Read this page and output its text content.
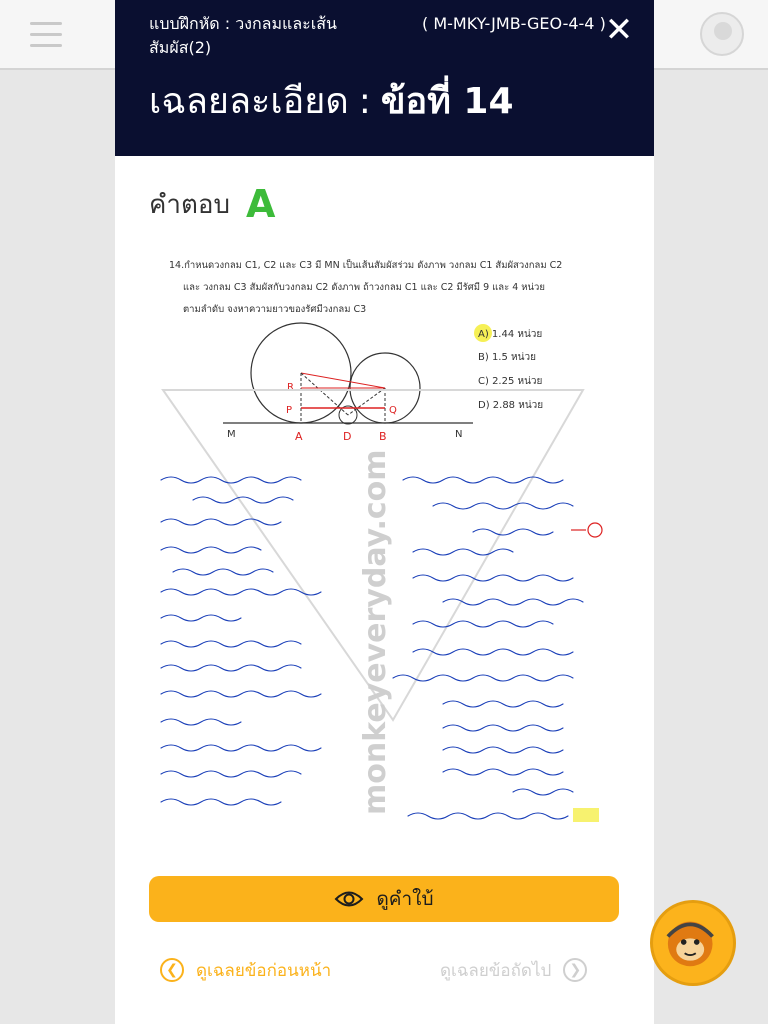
แบบฝึกหัด : วงกลมและเส้นสัมผัส(2)
( M-MKY-JMB-GEO-4-4 )
✕
เฉลยละเอียด : ข้อที่ 14
คำตอบ A
14.กำหนดวงกลม C1, C2 และ C3 มี MN เป็นเส้นสัมผัสร่วม ดังภาพ วงกลม C1 สัมผัสวงกลม C2
และ วงกลม C3 สัมผัสกับวงกลม C2 ดังภาพ ถ้าวงกลม C1 และ C2 มีรัศมี 9 และ 4 หน่วย
ตามลำดับ จงหาความยาวของรัศมีวงกลม C3
M	N
A	D	B
P	Q
R
A) 1.44 หน่วย
B) 1.5 หน่วย
C) 2.25 หน่วย
D) 2.88 หน่วย
monkeyeveryday.com
ดูคำใบ้
❮	ดูเฉลยข้อก่อนหน้า	ดูเฉลยข้อถัดไป	❯
